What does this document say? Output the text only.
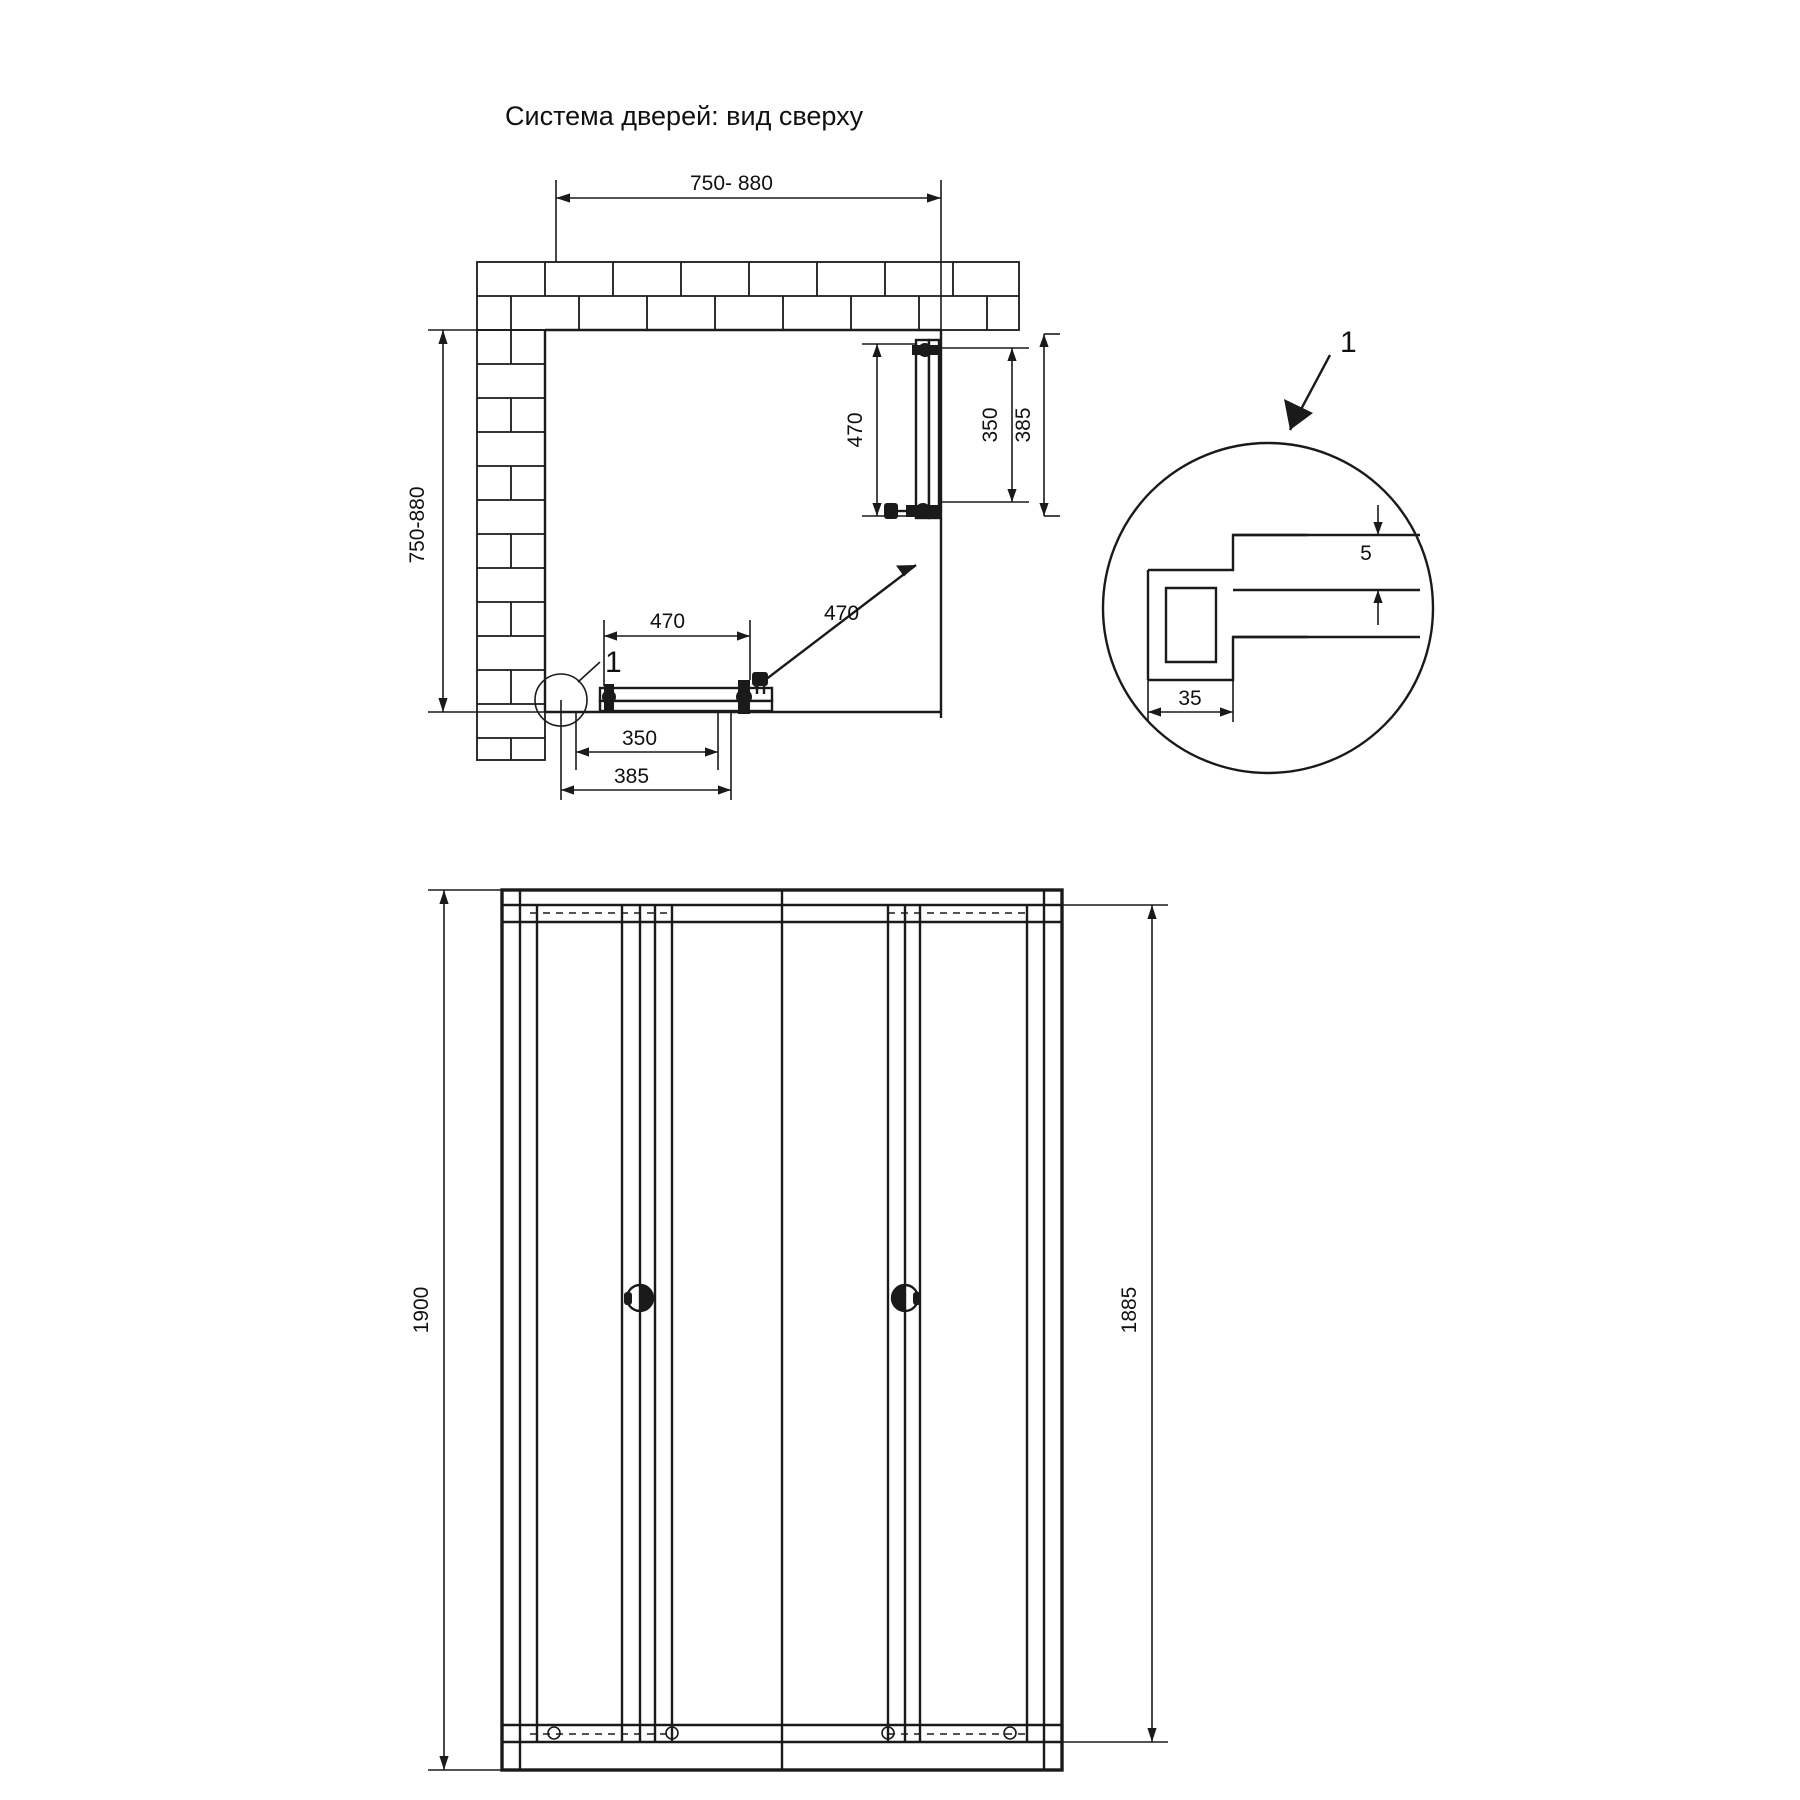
Система дверей: вид сверху
750- 880
750-880
470	350 385
470
470
350
385
1
1
5
35
1900	1885
